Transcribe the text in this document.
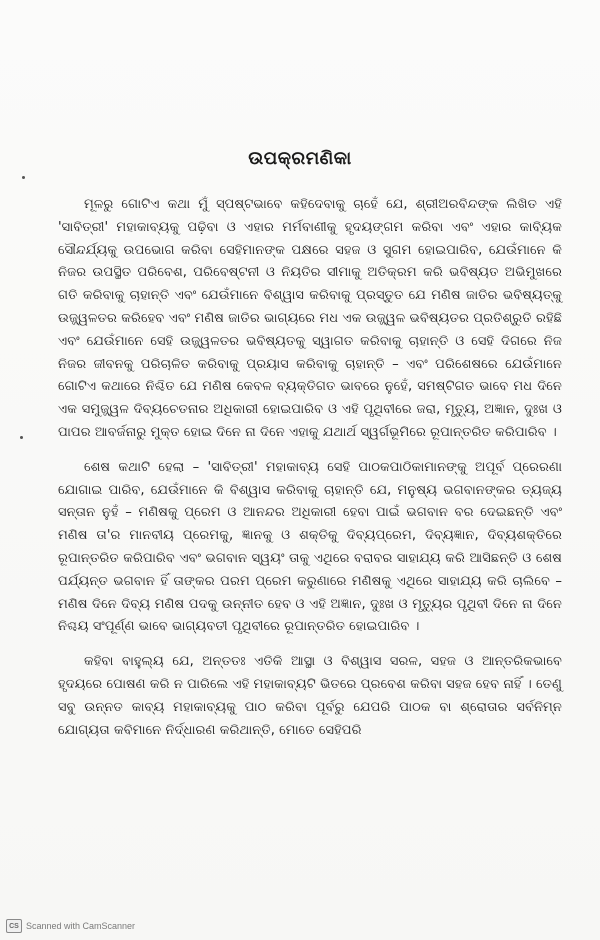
ଉପକ୍ରମଣିକା

ମୂଳରୁ ଗୋଟିଏ କଥା ମୁଁ ସ୍ପଷ୍ଟଭାବେ କହିଦେବାକୁ ଚାହେଁ ଯେ, ଶ୍ରୀଅରବିନ୍ଦଙ୍କ ଲିଖିତ ଏହି 'ସାବିତ୍ରୀ' ମହାକାବ୍ୟକୁ ପଢ଼ିବା ଓ ଏହାର ମର୍ମବାଣୀକୁ ହୃଦୟଙ୍ଗମ କରିବା ଏବଂ ଏହାର କାବ୍ୟିକ ସୌନ୍ଦର୍ଯ୍ୟକୁ ଉପଭୋଗ କରିବା ସେହିମାନଙ୍କ ପକ୍ଷରେ ସହଜ ଓ ସୁଗମ ହୋଇପାରିବ, ଯେଉଁମାନେ କି ନିଜର ଉପସ୍ଥିତ ପରିବେଶ, ପରିବେଷ୍ଟନୀ ଓ ନିୟତିର ସୀମାକୁ ଅତିକ୍ରମ କରି ଭବିଷ୍ୟତ ଅଭିମୁଖରେ ଗତି କରିବାକୁ ଚାହାନ୍ତି ଏବଂ ଯେଉଁମାନେ ବିଶ୍ୱାସ କରିବାକୁ ପ୍ରସ୍ତୁତ ଯେ ମଣିଷ ଜାତିର ଭବିଷ୍ୟତ୍‌କୁ ଉଜ୍ଜ୍ୱଳତର କରିହେବ ଏବଂ ମଣିଷ ଜାତିର ଭାଗ୍ୟରେ ମଧ ଏକ ଉଜ୍ଜ୍ୱଳ ଭବିଷ୍ୟତର ପ୍ରତିଶ୍ରୁତି ରହିଛି ଏବଂ ଯେଉଁମାନେ ସେହି ଉଜ୍ଜ୍ୱଳତର ଭବିଷ୍ୟତକୁ ସ୍ୱାଗତ କରିବାକୁ ଚାହାନ୍ତି ଓ ସେହି ଦିଗରେ ନିଜ ନିଜର ଜୀବନକୁ ପରିଚାଳିତ କରିବାକୁ ପ୍ରୟାସ କରିବାକୁ ଚାହାନ୍ତି – ଏବଂ ପରିଶେଷରେ ଯେଉଁମାନେ ଗୋଟିଏ କଥାରେ ନିଶ୍ଚିତ ଯେ ମଣିଷ କେବଳ ବ୍ୟକ୍ତିଗତ ଭାବରେ ନୁହେଁ, ସମଷ୍ଟିଗତ ଭାବେ ମଧ ଦିନେ ଏକ ସମୁଜ୍ଜ୍ୱଳ ଦିବ୍ୟଚେତନାର ଅଧିକାରୀ ହୋଇପାରିବ ଓ ଏହି ପୃଥିବୀରେ ଜରା, ମୃତ୍ୟୁ, ଅଜ୍ଞାନ, ଦୁଃଖ ଓ ପାପର ଆବର୍ଜନାରୁ ମୁକ୍ତ ହୋଇ ଦିନେ ନା ଦିନେ ଏହାକୁ ଯଥାର୍ଥ ସ୍ୱର୍ଗଭୂମିରେ ରୂପାନ୍ତରିତ କରିପାରିବ ।

ଶେଷ କଥାଟି ହେଲା – 'ସାବିତ୍ରୀ' ମହାକାବ୍ୟ ସେହି ପାଠକପାଠିକାମାନଙ୍କୁ ଅପୂର୍ବ ପ୍ରେରଣା ଯୋଗାଇ ପାରିବ, ଯେଉଁମାନେ କି ବିଶ୍ୱାସ କରିବାକୁ ଚାହାନ୍ତି ଯେ, ମନୁଷ୍ୟ ଭଗବାନଙ୍କର ତ୍ୟଜ୍ୟ ସନ୍ତାନ ନୁହଁ – ମଣିଷକୁ ପ୍ରେମ ଓ ଆନନ୍ଦର ଅଧିକାରୀ ହେବା ପାଇଁ ଭଗବାନ ବର ଦେଇଛନ୍ତି ଏବଂ ମଣିଷ ତା'ର ମାନବୀୟ ପ୍ରେମକୁ, ଜ୍ଞାନକୁ ଓ ଶକ୍ତିକୁ ଦିବ୍ୟପ୍ରେମ, ଦିବ୍ୟଜ୍ଞାନ, ଦିବ୍ୟଶକ୍ତିରେ ରୂପାନ୍ତରିତ କରିପାରିବ ଏବଂ ଭଗବାନ ସ୍ୱୟଂ ତାକୁ ଏଥିରେ ବରାବର ସାହାଯ୍ୟ କରି ଆସିଛନ୍ତି ଓ ଶେଷ ପର୍ଯ୍ୟନ୍ତ ଭଗବାନ ହିଁ ତାଙ୍କର ପରମ ପ୍ରେମ କରୁଣାରେ ମଣିଷକୁ ଏଥିରେ ସାହାଯ୍ୟ କରି ଚାଲିବେ – ମଣିଷ ଦିନେ ଦିବ୍ୟ ମଣିଷ ପଦକୁ ଉନ୍ନୀତ ହେବ ଓ ଏହି ଅଜ୍ଞାନ, ଦୁଃଖ ଓ ମୃତ୍ୟୁର ପୃଥିବୀ ଦିନେ ନା ଦିନେ ନିଶ୍ଚୟ ସଂପୂର୍ଣ୍ଣ ଭାବେ ଭାଗ୍ୟବତୀ ପୃଥିବୀରେ ରୂପାନ୍ତରିତ ହୋଇପାରିବ ।

କହିବା ବାହୁଲ୍ୟ ଯେ, ଅନ୍ତତଃ ଏତିକି ଆସ୍ଥା ଓ ବିଶ୍ୱାସ ସରଳ, ସହଜ ଓ ଆନ୍ତରିକଭାବେ ହୃଦୟରେ ପୋଷଣ କରି ନ ପାରିଲେ ଏହି ମହାକାବ୍ୟଟି ଭିତରେ ପ୍ରବେଶ କରିବା ସହଜ ହେବ ନାହିଁ । ତେଣୁ ସବୁ ଉନ୍ନତ କାବ୍ୟ ମହାକାବ୍ୟକୁ ପାଠ କରିବା ପୂର୍ବରୁ ଯେପରି ପାଠକ ବା ଶ୍ରୋତାର ସର୍ବନିମ୍ନ ଯୋଗ୍ୟତା କବିମାନେ ନିର୍ଦ୍ଧାରଣ କରିଥାନ୍ତି, ମୋତେ ସେହିପରି

CS Scanned with CamScanner
